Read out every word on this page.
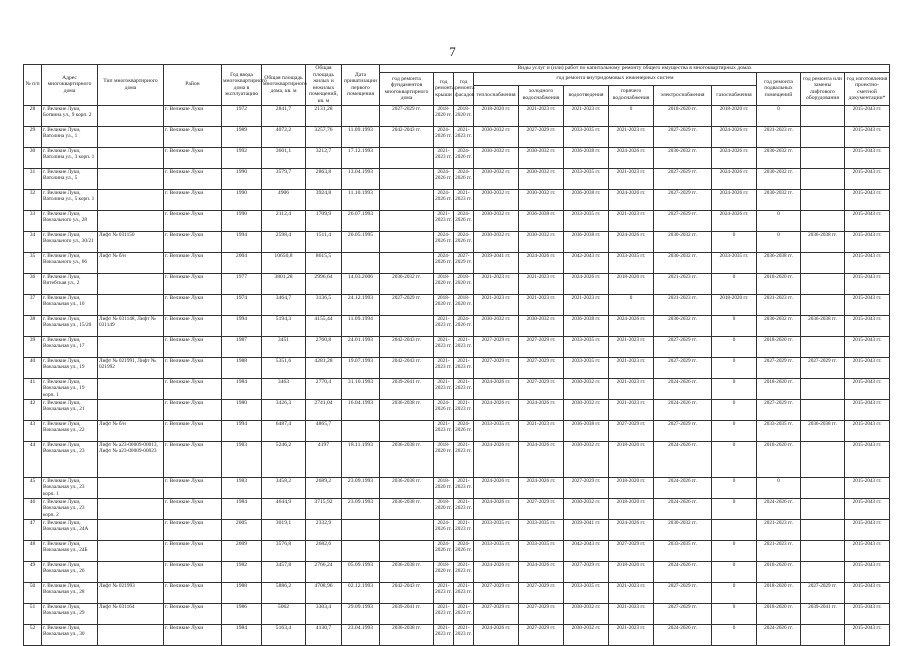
7
№ п/п	Адрес многоквартирного дома	Тип многоквартирного дома	Район	Год ввода многоквартирного дома в эксплуатацию	Общая площадь многоквартирного дома, кв. м	Общая площадь жилых и нежилых помещений, кв. м	Дата приватизации первого помещения	Виды услуг и (или) работ по капитальному ремонту общего имущества в многоквартирных домах											
								год ремонта фундаментов многоквартирного дома	год ремонта крыши	год ремонта фасадов	год ремонта внутридомовых инженерных систем						год ремонта подвальных помещений	год ремонта или замены лифтового оборудования	год изготовления проектно-сметной документации*
											теплоснабжения	холодного водоснабжения	водоотведения	горячего водоснабжения	электроснабжения	газоснабжения			
28	г. Великие Луки, Ботвина ул., 9 корп. 2		г. Великие Луки	1972	2841,7	2131,28		2027-2029 гг.	2018-2020 гг.	2018-2020 гг.	2018-2020 гг.	2021-2023 гг.	2021-2023 гг.	0	2018-2020 гг.	2018-2020 гг.	0		2015-2043 гг.
29	г. Великие Луки, Ватолина ул., 1		г. Великие Луки	1989	4072,2	3257,76	11.09.1993	2042-2043 гг.	2024-2026 гг.	2021-2023 гг.	2030-2032 гг.	2027-2029 гг.	2033-2035 гг.	2021-2023 гг.	2027-2029 гг.	2024-2026 гг.	2021-2023 гг.		2015-2043 гг.
30	г. Великие Луки, Ватолина ул., 3 корп. 1		г. Великие Луки	1992	3601,1	3212,7	17.12.1993		2021-2023 гг.	2024-2026 гг.	2030-2032 гг.	2030-2032 гг.	2036-2038 гг.	2024-2026 гг.	2030-2032 гг.	2024-2026 гг.	2030-2032 гг.		2015-2043 гг.
31	г. Великие Луки, Ватолина ул., 5		г. Великие Луки	1990	3579,7	2863,8	13.04.1993		2024-2026 гг.	2024-2026 гг.	2030-2032 гг.	2030-2032 гг.	2033-2035 гг.	2021-2023 гг.	2027-2029 гг.	2024-2026 гг.	2030-2032 гг.		2015-2043 гг.
32	г. Великие Луки, Ватолина ул., 5 корп. 1		г. Великие Луки	1990	4906	3924,8	11.10.1993		2024-2026 гг.	2021-2023 гг.	2030-2032 гг.	2030-2032 гг.	2036-2038 гг.	2024-2026 гг.	2027-2029 гг.	2024-2026 гг.	2030-2032 гг.		2015-2043 гг.
33	г. Великие Луки, Вокзального ул., 28		г. Великие Луки	1990	2112,4	1709,9	26.07.1993		2021-2023 гг.	2024-2026 гг.	2030-2032 гг.	2036-2038 гг.	2033-2035 гг.	2021-2023 гг.	2027-2029 гг.	2024-2026 гг.	0		2015-2043 гг.
34	г. Великие Луки, Вокзального ул., 30/21	Лифт № 031150	г. Великие Луки	1994	2598,4	1511,4	20.05.1995		2024-2026 гг.	2024-2026 гг.	2030-2032 гг.	2030-2032 гг.	2036-2038 гг.	2024-2026 гг.	2030-2032 гг.	0	0	2036-2038 гг.	2015-2043 гг.
35	г. Великие Луки, Вокзального ул., 66	Лифт № б/н	г. Великие Луки	2004	10650,8	8615,5			2024-2026 гг.	2027-2029 гг.	2039-2041 гг.	2024-2026 гг.	2042-2043 гг.	2033-2035 гг.	2030-2032 гг.	2033-2035 гг.	2036-2038 гг.		2015-2043 гг.
36	г. Великие Луки, Витебская ул., 2		г. Великие Луки	1977	3801,28	2996,64	14.03.2006	2030-2032 гг.	2018-2020 гг.	2018-2020 гг.	2021-2023 гг.	2021-2023 гг.	2024-2026 гг.	2018-2020 гг.	2021-2023 гг.	0	2018-2020 гг.		2015-2043 гг.
37	г. Великие Луки, Вокзальная ул., 10		г. Великие Луки	1974	3464,7	3136,5	24.12.1993	2027-2029 гг.	2018-2020 гг.	2018-2020 гг.	2021-2023 гг.	2021-2023 гг.	2021-2023 гг.	0	2021-2023 гг.	2018-2020 гг.	2021-2023 гг.		2015-2043 гг.
38	г. Великие Луки, Вокзальная ул., 15/20	Лифт № 031148, Лифт № 031149	г. Великие Луки	1994	5194,3	4155,44	11.09.1994		2021-2023 гг.	2024-2026 гг.	2030-2032 гг.	2030-2032 гг.	2036-2038 гг.	2024-2026 гг.	2030-2032 гг.	0	2030-2032 гг.	2036-2038 гг.	2015-2043 гг.
39	г. Великие Луки, Вокзальная ул., 17		г. Великие Луки	1987	3451	2760,8	24.01.1993	2042-2043 гг.	2021-2023 гг.	2021-2023 гг.	2027-2029 гг.	2027-2029 гг.	2033-2035 гг.	2021-2023 гг.	2027-2029 гг.	0	2018-2020 гг.		2015-2043 гг.
40	г. Великие Луки, Вокзальная ул., 19	Лифт № 021991, Лифт № 021992	г. Великие Луки	1988	5351,6	4281,28	19.07.1993	2042-2043 гг.	2021-2023 гг.	2021-2023 гг.	2027-2029 гг.	2027-2029 гг.	2033-2035 гг.	2021-2023 гг.	2027-2029 гг.	0	2027-2029 гг.	2027-2029 гг.	2015-2043 гг.
41	г. Великие Луки, Вокзальная ул., 19 корп. 1		г. Великие Луки	1984	3463	2770,4	31.10.1993	2039-2041 гг.	2021-2023 гг.	2021-2023 гг.	2024-2026 гг.	2027-2029 гг.	2030-2032 гг.	2021-2023 гг.	2024-2026 гг.	0	2018-2020 гг.		2015-2043 гг.
42	г. Великие Луки, Вокзальная ул., 21		г. Великие Луки	1980	3426,3	2741,04	16.04.1993	2036-2038 гг.	2024-2026 гг.	2021-2023 гг.	2024-2026 гг.	2024-2026 гг.	2030-2032 гг.	2021-2023 гг.	2024-2026 гг.	0	2027-2029 гг.		2015-2043 гг.
43	г. Великие Луки, Вокзальная ул., 22	Лифт № б/н	г. Великие Луки	1994	6487,4	4865,7			2021-2023 гг.	2024-2026 гг.	2033-2035 гг.	2021-2023 гг.	2036-2038 гг.	2027-2029 гг.	2027-2029 гг.	0	2033-2035 гг.	2036-2038 гг.	2015-2043 гг.
44	г. Великие Луки, Вокзальная ул., 23	Лифт № a23-00009-00013, Лифт № a23-00009-00023	г. Великие Луки	1983	5246,2	4197	18.11.1993	2036-2038 гг.	2018-2020 гг.	2021-2023 гг.	2024-2026 гг.	2024-2026 гг.	2030-2032 гг.	2018-2020 гг.	2024-2026 гг.	0	2018-2020 гг.		2015-2043 гг.
45	г. Великие Луки, Вокзальная ул., 23 корп. 1		г. Великие Луки	1983	3458,2	2689,2	23.09.1993	2036-2038 гг.	2018-2020 гг.	2021-2023 гг.	2024-2026 гг.	2024-2026 гг.	2027-2029 гг.	2018-2020 гг.	2024-2026 гг.	0	0		2015-2043 гг.
46	г. Великие Луки, Вокзальная ул., 23 корп. 2		г. Великие Луки	1984	4644,9	3715,92	23.09.1993	2036-2038 гг.	2018-2020 гг.	2021-2023 гг.	2024-2026 гг.	2027-2029 гг.	2030-2032 гг.	2018-2020 гг.	2024-2026 гг.	0	2024-2026 гг.		2015-2043 гг.
47	г. Великие Луки, Вокзальная ул., 24А		г. Великие Луки	2005	3019,1	2332,9			2024-2026 гг.	2021-2023 гг.	2033-2035 гг.	2033-2035 гг.	2039-2041 гг.	2024-2026 гг.	2030-2032 гг.		2021-2023 гг.		2015-2043 гг.
48	г. Великие Луки, Вокзальная ул., 24Б		г. Великие Луки	2009	3576,8	2682,6			2024-2026 гг.	2024-2026 гг.	2033-2035 гг.	2033-2035 гг.	2042-2043 гг.	2027-2029 гг.	2033-2035 гг.	0	2021-2023 гг.		2015-2043 гг.
49	г. Великие Луки, Вокзальная ул., 26		г. Великие Луки	1982	3457,8	2766,24	05.09.1993	2036-2038 гг.	2018-2020 гг.	2021-2023 гг.	2024-2026 гг.	2024-2026 гг.	2027-2029 гг.	2018-2020 гг.	2024-2026 гг.	0	2018-2020 гг.		2015-2043 гг.
50	г. Великие Луки, Вокзальная ул., 28	Лифт № 021993	г. Великие Луки	1988	5886,2	4708,96	02.12.1993	2042-2043 гг.	2021-2023 гг.	2021-2023 гг.	2027-2029 гг.	2027-2029 гг.	2033-2035 гг.	2021-2023 гг.	2027-2029 гг.	0	2018-2020 гг.	2027-2029 гг.	2015-2043 гг.
51	г. Великие Луки, Вокзальная ул., 29	Лифт № 031164	г. Великие Луки	1986	5062	3303,4	29.09.1993	2039-2041 гг.	2021-2023 гг.	2021-2023 гг.	2027-2029 гг.	2027-2029 гг.	2030-2032 гг.	2021-2023 гг.	2027-2029 гг.	0	2018-2020 гг.	2039-2041 гг.	2015-2043 гг.
52	г. Великие Луки, Вокзальная ул., 30		г. Великие Луки	1984	5163,4	4130,7	23.04.1993	2036-2038 гг.	2021-2023 гг.	2021-2023 гг.	2024-2026 гг.	2027-2029 гг.	2030-2032 гг.	2021-2023 гг.	2024-2026 гг.	0	2024-2026 гг.		2015-2043 гг.
